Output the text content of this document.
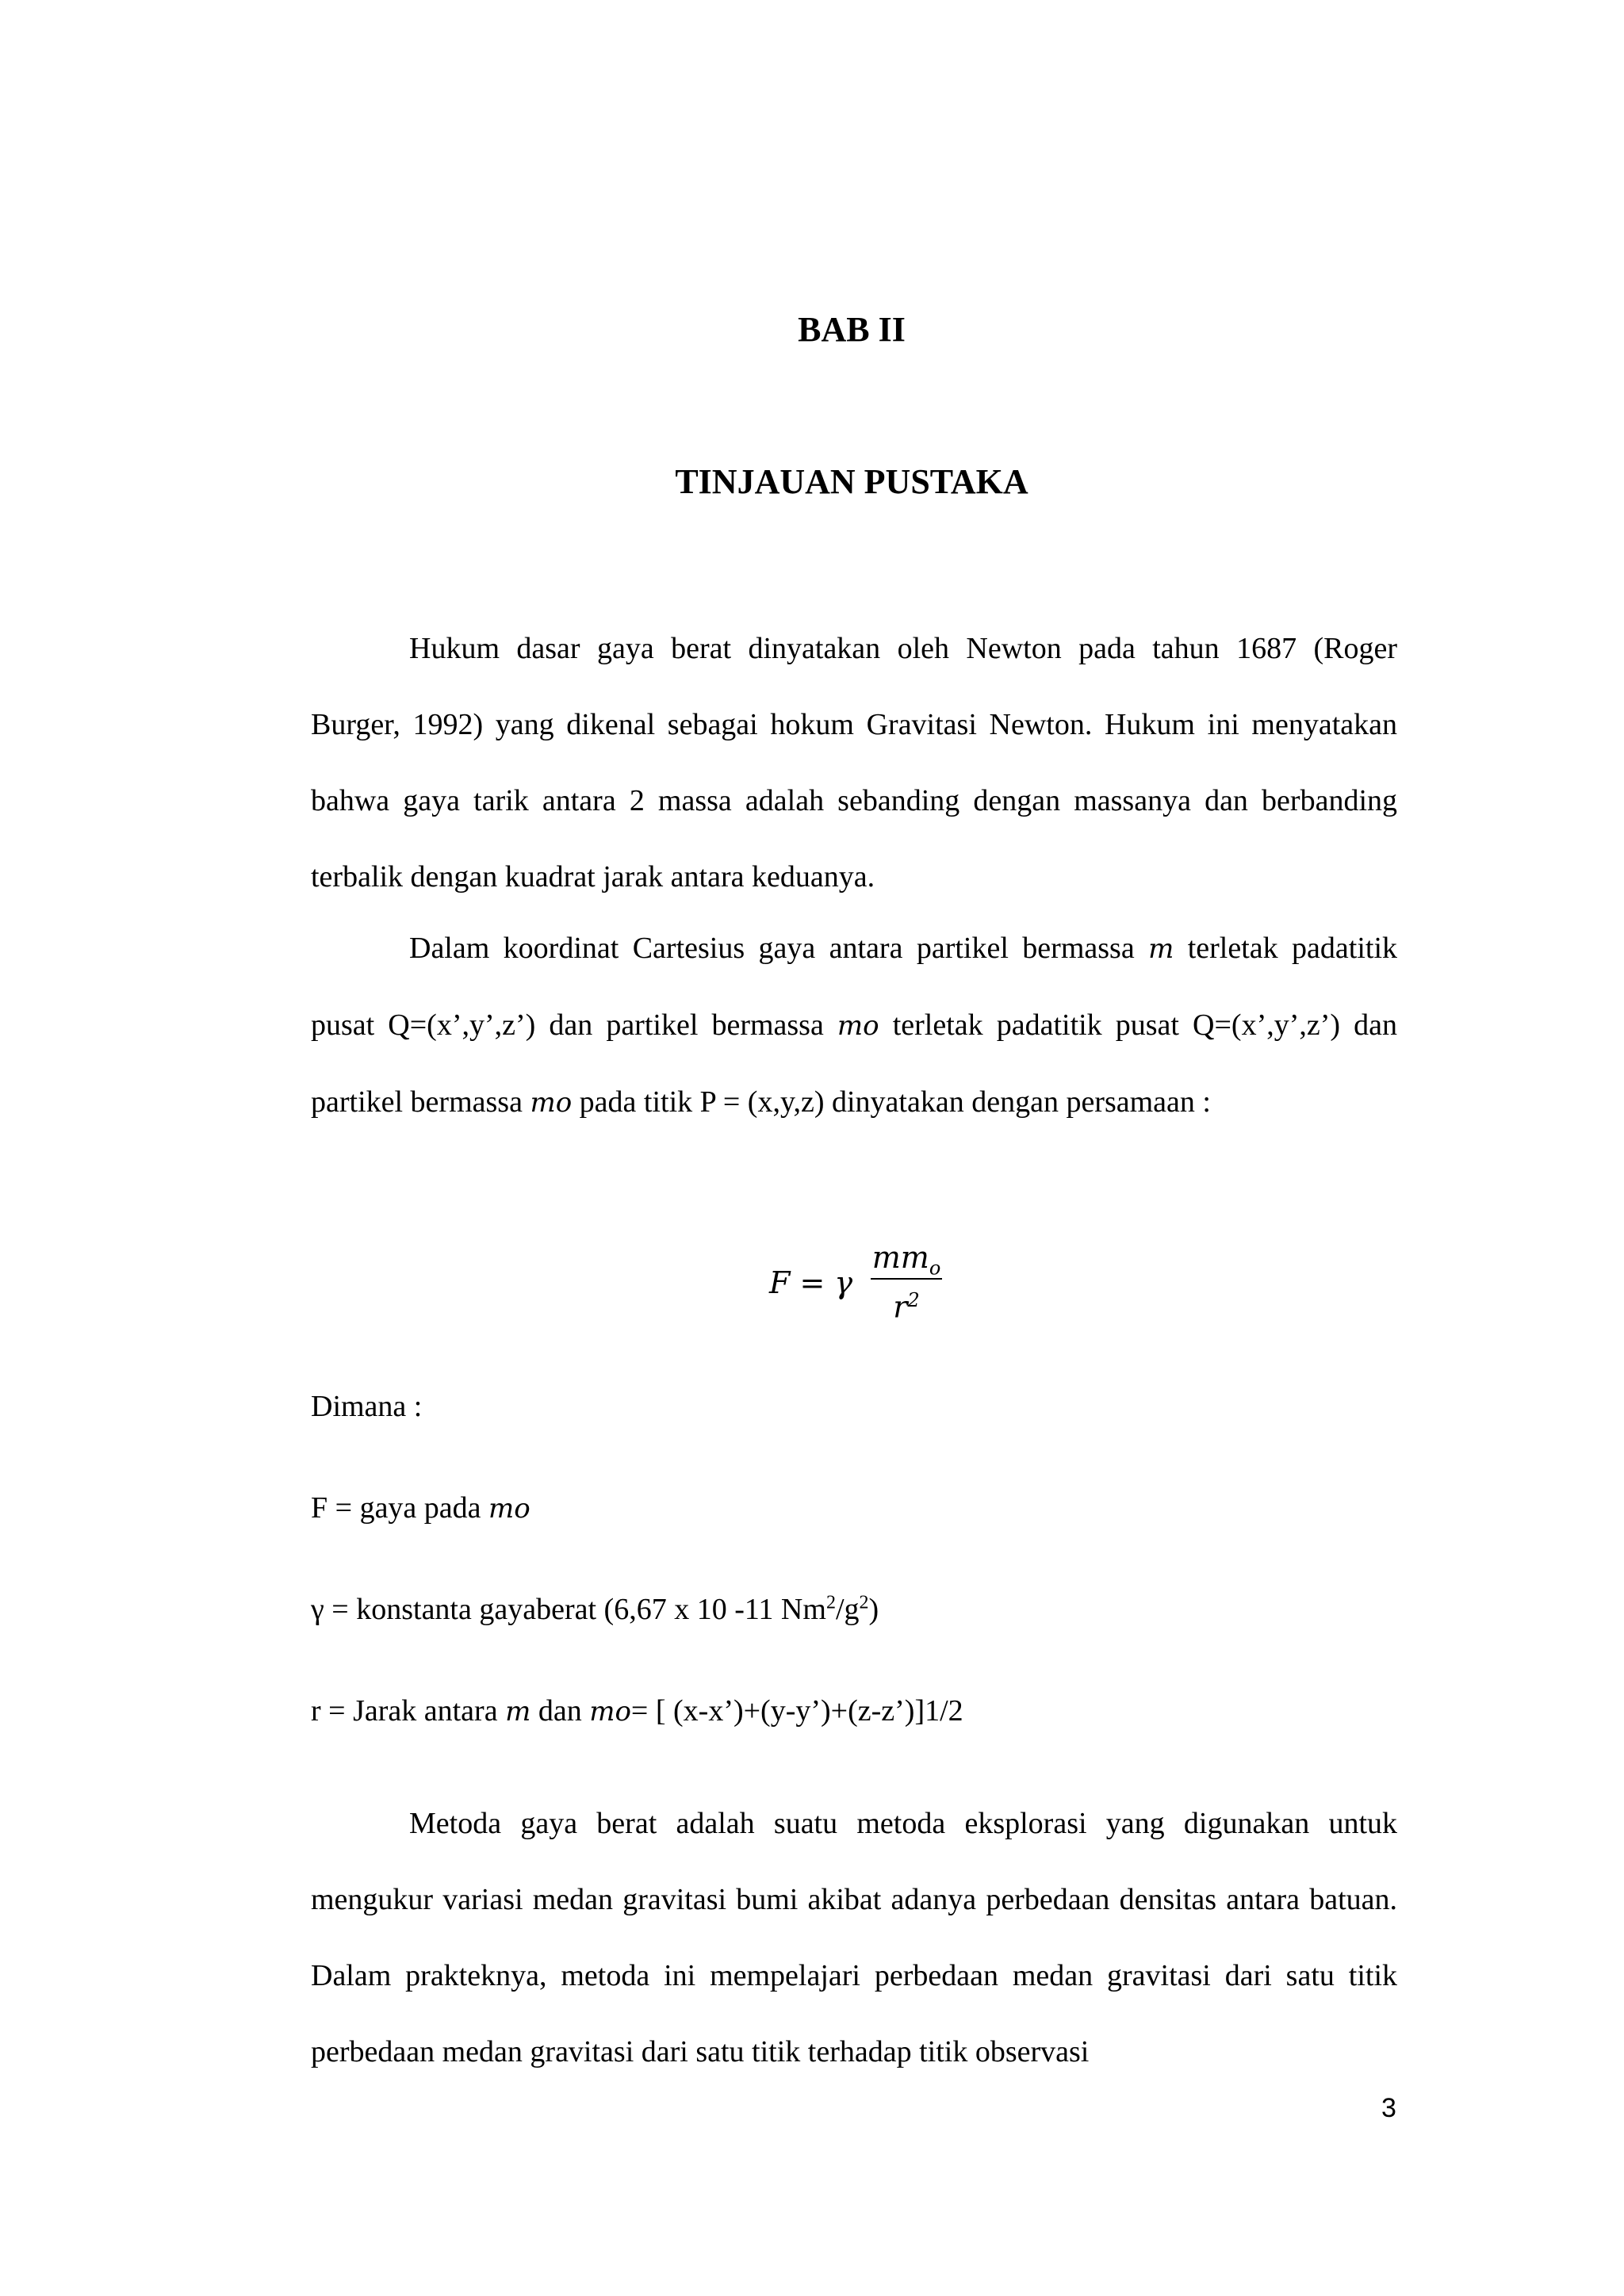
BAB II
TINJAUAN PUSTAKA

Hukum dasar gaya berat dinyatakan oleh Newton pada tahun 1687 (Roger Burger, 1992) yang dikenal sebagai hokum Gravitasi Newton. Hukum ini menyatakan bahwa gaya tarik antara 2 massa adalah sebanding dengan massanya dan berbanding terbalik dengan kuadrat jarak antara keduanya.

Dalam koordinat Cartesius gaya antara partikel bermassa m terletak padatitik pusat Q=(x’,y’,z’) dan partikel bermassa mo terletak padatitik pusat Q=(x’,y’,z’) dan partikel bermassa mo pada titik P = (x,y,z) dinyatakan dengan persamaan :

F = γ
$mm_o$
$r^2$
Dimana :
F = gaya pada mo
γ = konstanta gayaberat (6,67 x 10 -11 $Nm^2/g^2$)
r = Jarak antara m dan mo= [ (x-x’)+(y-y’)+(z-z’)]1/2

Metoda gaya berat adalah suatu metoda eksplorasi yang digunakan untuk mengukur variasi medan gravitasi bumi akibat adanya perbedaan densitas antara batuan. Dalam prakteknya, metoda ini mempelajari perbedaan medan gravitasi dari satu titik perbedaan medan gravitasi dari satu titik terhadap titik observasi

3
